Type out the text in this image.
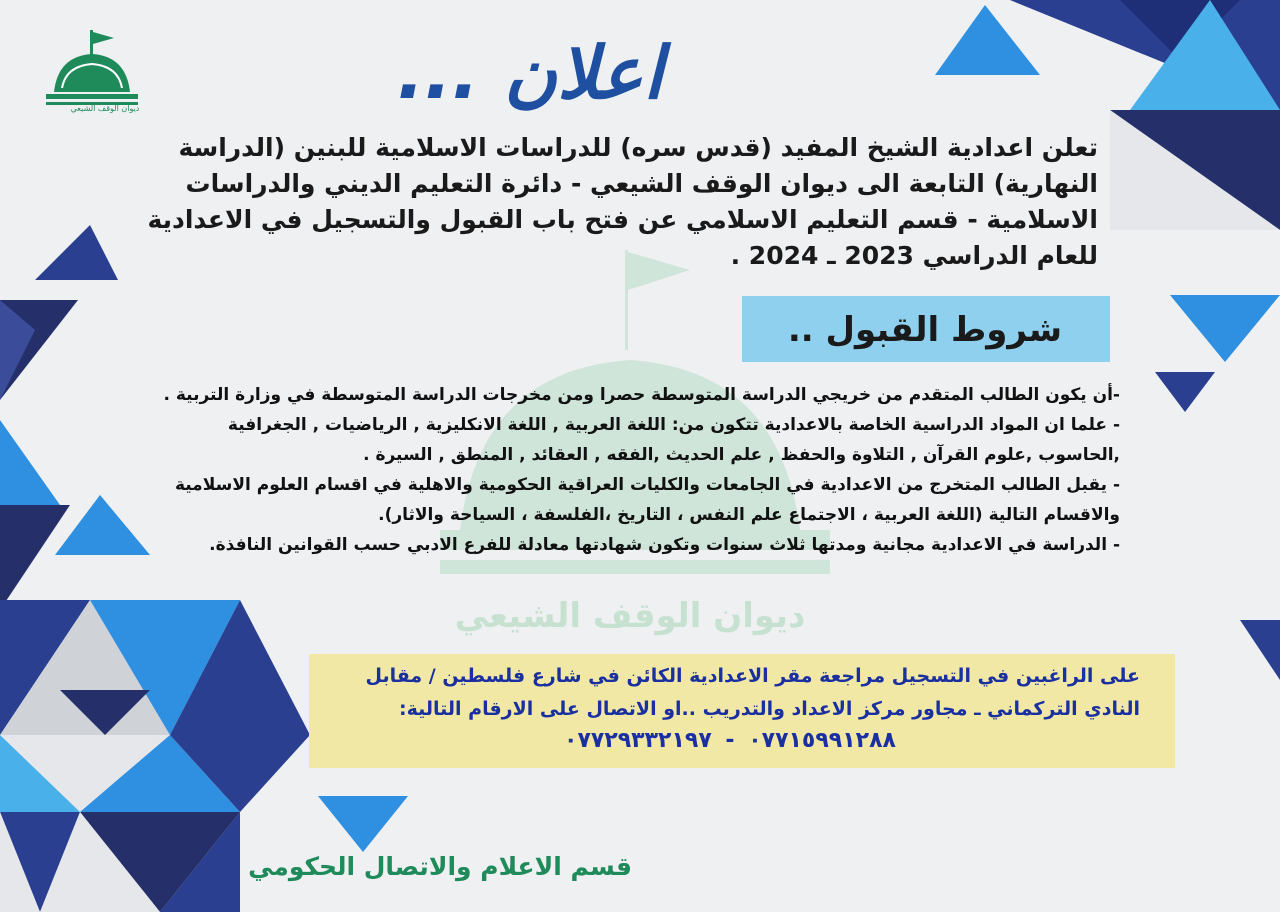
ديوان الوقف الشيعي
ديوان الوقف الشيعي	اعلان ...
تعلن اعدادية الشيخ المفيد (قدس سره) للدراسات الاسلامية للبنين (الدراسة النهارية) التابعة الى ديوان الوقف الشيعي - دائرة التعليم الديني والدراسات الاسلامية - قسم التعليم الاسلامي عن فتح باب القبول والتسجيل في الاعدادية للعام الدراسي 2023 ـ 2024 .
شروط القبول ..

-أن يكون الطالب المتقدم من خريجي الدراسة المتوسطة حصرا ومن مخرجات الدراسة المتوسطة في وزارة التربية .

- علما ان المواد الدراسية الخاصة بالاعدادية تتكون من: اللغة العربية , اللغة الانكليزية , الرياضيات , الجغرافية ,الحاسوب ,علوم القرآن , التلاوة والحفظ , علم الحديث ,الفقه , العقائد , المنطق , السيرة .

- يقبل الطالب المتخرج من الاعدادية في الجامعات والكليات العراقية الحكومية والاهلية في اقسام العلوم الاسلامية والاقسام التالية (اللغة العربية ، الاجتماع علم النفس ، التاريخ ،الفلسفة ، السياحة والاثار).

- الدراسة في الاعدادية مجانية ومدتها ثلاث سنوات وتكون شهادتها معادلة للفرع الادبي حسب القوانين النافذة.

على الراغبين في التسجيل مراجعة مقر الاعدادية الكائن في شارع فلسطين / مقابل النادي التركماني ـ مجاور مركز الاعداد والتدريب ..او الاتصال على الارقام التالية:
٠٧٧١٥٩٩١٢٨٨ - ٠٧٧٢٩٣٣٢١٩٧
قسم الاعلام والاتصال الحكومي
